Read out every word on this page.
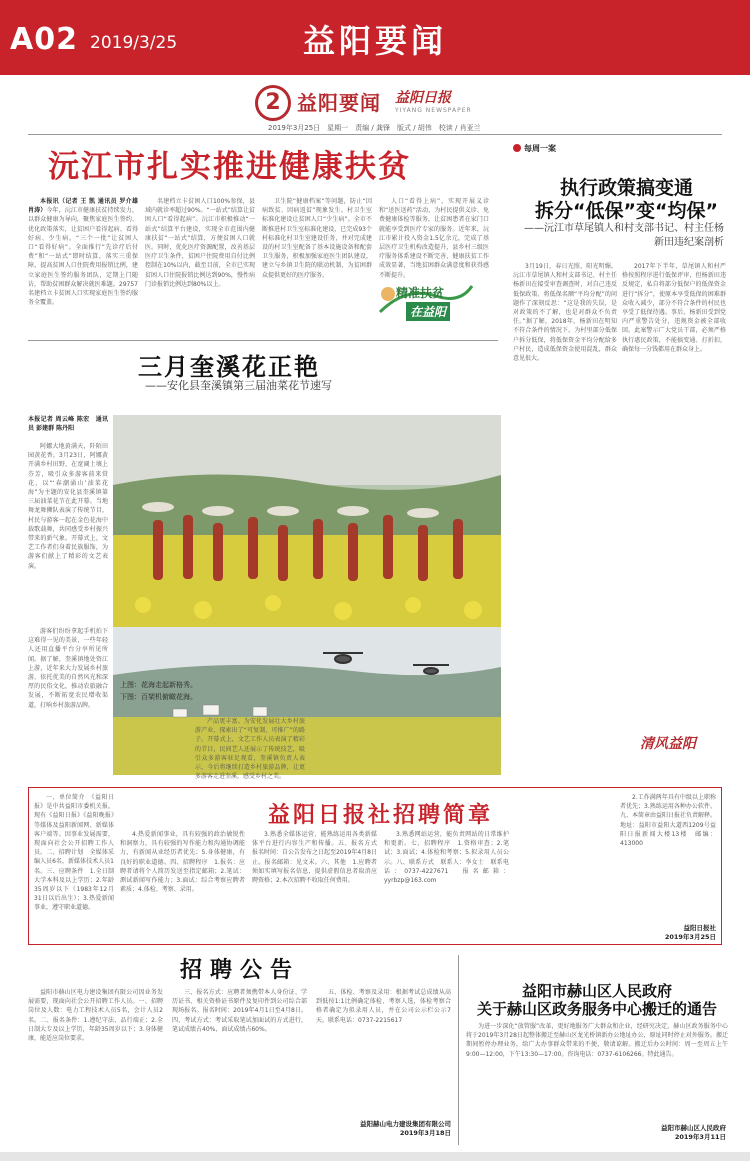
A02 2019/3/25	益阳要闻
2 益阳要闻 益阳日报
YIYANG NEWSPAPER
2019年3月25日　星期一　责编 / 龚锋　版式 / 胡伟　校读 / 肖亚兰
沅江市扎实推进健康扶贫

本报讯（记者 王 凯 通讯员 罗介雄 肖涛）今年，沅江市健康扶贫持续发力，以群众健康为导向，聚焦家庭医生签约、优化政策落实，让贫困户看得起病、看得好病、少生病。“三个一批”让贫困人口“看得好病”。全面推行“先诊疗后付费”和“一站式”即时结算，落实三重保障，提高贫困人口住院费用报销比例，建立家庭医生签约服务团队，定期上门随访，帮助贫困群众解决就医难题。29757名建档立卡贫困人口实现家庭医生签约服务全覆盖。

名建档立卡贫困人口100%参保，县域内就诊率超过90%。“一站式”结算让贫困人口“看得起病”。沅江市积极推动“一站式”结算平台建设，实现全市范围内健康扶贫“一站式”结算，方便贫困人口就医。同时，优化医疗资源配置，改善基层医疗卫生条件，贫困户住院费用自付比例控制在10%以内，截至目前，全市已实现贫困人口住院报销比例达到90%，慢性病门诊报销比例达到80%以上。

卫生院“健康档案”等问题，防止“因病致贫、因病返贫”现象发生。村卫生室标准化建设让贫困人口“少生病”。全市不断推进村卫生室标准化建设，已完成93个村标准化村卫生室建设任务，并对完成建设的村卫生室配备了基本设施设备和配套卫生服务，积极加强家庭医生团队建设，建立与乡镇卫生院的联动机制，为贫困群众提供更好的医疗服务。

人口“看得上病”，实现开展义诊和“送医送药”活动，为村民提供义诊、免费健康体检等服务，让贫困患者在家门口就能享受到医疗专家的服务。近年来，沅江市累计投入资金1.5亿余元，完成了基层医疗卫生机构改造提升，县乡村三级医疗服务体系建设不断完善，健康扶贫工作成效显著，当地贫困群众满意度和获得感不断提升。

精准扶贫
在益阳
三月奎溪花正艳
——安化县奎溪镇第三届油菜花节速写
本报记者 周云峰 陈宏　通讯员 彭建群 陈丹阳

阿娜大地黄满天，阡陌田园黄花香。3月23日，阿娜黄开满乡村田野，在宽阔土壤上芬芳，吸引众多游客前来赏花，以“‘春潮涌山’油菜花海”为主题的安化县奎溪镇第三届油菜花节在此开幕。当地舞龙舞狮队表演了传统节目，村民与游客一起在金色花海中载歌载舞，共同感受乡村振兴带来的新气象。开幕式上，文艺工作者们身着民族服饰，为游客们献上了精彩的文艺表演。

游客们纷纷拿起手机拍下这难得一见的美景，一些年轻人还用直播平台分享所见所闻。据了解，奎溪镇地处资江上游，近年来大力发展乡村旅游，依托优美的自然风光和深厚的民俗文化，推动农旅融合发展，不断拓宽农民增收渠道，打响乡村旅游品牌。

上图：花海走起新格秀。
下图：百架机俯瞰花海。

产品更丰富。为安化发展壮大乡村旅游产业，探索出了“可复制、可推广”的路子。开幕式上，文艺工作人员表演了精彩的节目，民间艺人还展示了传统技艺，吸引众多游客驻足观看，奎溪镇负责人表示，今后将继续打造乡村旅游品牌，让更多游客走进奎溪，感受乡村之美。

每周一案
执行政策搞变通
拆分“低保”变“均保”
——沅江市草尾镇人和村支部书记、村主任杨新田违纪案剖析

3月19日，春日光照、阳光明媚。沅江市草尾镇人和村支部书记、村主任杨新田在接受审查调查时，对自己违反低保政策、将低保名额“平均分配”的问题作了深刻反思：“这是我的失误，是对政策的不了解，也是对群众不负责任。”据了解，2018年，杨新田在明知不符合条件的情况下，为村里部分低保户拆分低保，将低保资金平均分配给多户村民，造成低保资金使用混乱，群众意见很大。

2017年下半年，草尾镇人和村严格按照程序进行低保评审，但杨新田违反规定，私自将部分低保户的低保资金进行“拆分”，使原本享受低保的困难群众收入减少，部分不符合条件的村民也享受了低保待遇。事后，杨新田受到党内严重警告处分，违规资金被全部收回。此案警示广大党员干部，必须严格执行惠民政策，不能搞变通、打折扣，确保每一分钱都用在群众身上。

清风益阳
益阳日报社招聘简章

一、单位简介　《益阳日报》是中共益阳市委机关报，现有《益阳日报》《益阳晚报》等媒体及益阳新闻网、新媒体客户端等。因事业发展需要，现面向社会公开招聘工作人员。二、招聘计划　全媒体采编人员6名，新媒体技术人员1名。三、应聘条件　1.全日制大学本科及以上学历；2.年龄35周岁以下（1983年12月31日以后出生）；3.热爱新闻事业，遵守职业道德。

4.热爱新闻事业，具有较强的政治敏锐性和洞察力，具有较强的写作能力和沟通协调能力，有新闻从业经历者优先；5.身体健康，有良好的职业道德。四、招聘程序　1.报名：应聘者请将个人简历发送至指定邮箱；2.笔试：测试新闻写作能力；3.面试：综合考察应聘者素质；4.体检、考察、录用。

3.熟悉全媒体运营，能熟练运用各类新媒体平台进行内容生产和传播。五、报名方式　报名时间：自公告发布之日起至2019年4月8日止。报名邮箱：见文末。六、其他　1.应聘者须如实填写报名信息，提供虚假信息者取消应聘资格；2.本次招聘不收取任何费用。

3.熟悉网站运营，能负责网站的日常维护和更新。七、招聘程序　1.资格审查；2.笔试；3.面试；4.体检和考察；5.拟录用人员公示。八、联系方式　联系人：李女士　联系电话：0737-4227671　报名邮箱：yyrbzp@163.com

2.工作满两年具有中级以上职称者优先；3.熟练运用各种办公软件。九、本简章由益阳日报社负责解释。地址：益阳市益阳大道西1209号益阳日报新闻大楼13楼　邮编：413000

益阳日报社
2019年3月25日
招聘公告

益阳市赫山区电力建设集团有限公司因业务发展需要，现面向社会公开招聘工作人员。一、招聘岗位及人数：电力工程技术人员5名，会计人员2名。二、报名条件：1.遵纪守法，品行端正；2.全日制大专及以上学历，年龄35周岁以下；3.身体健康，能适应岗位要求。

三、报名方式：应聘者须携带本人身份证、学历证书、相关资格证书原件及复印件到公司综合部现场报名。报名时间：2019年4月1日至4月8日。四、考试方式：考试采取笔试加面试的方式进行，笔试成绩占40%，面试成绩占60%。

五、体检、考察及录用：根据考试总成绩从高到低按1:1比例确定体检、考察人选，体检考察合格者确定为拟录用人员，并在公司公示栏公示7天。联系电话：0737-2215617

益阳赫山电力建设集团有限公司
2019年3月18日
益阳市赫山区人民政府
关于赫山区政务服务中心搬迁的通告

为进一步深化“放管服”改革，更好地服务广大群众和企业，经研究决定，赫山区政务服务中心将于2019年3月28日起整体搬迁至赫山区龙光桥镇新办公地址办公，原址同时停止对外服务。搬迁期间暂停办理业务，给广大办事群众带来的不便，敬请谅解。搬迁后办公时间：周一至周五上午9:00—12:00，下午13:30—17:00。咨询电话：0737-6106266。特此通告。

益阳市赫山区人民政府
2019年3月11日
